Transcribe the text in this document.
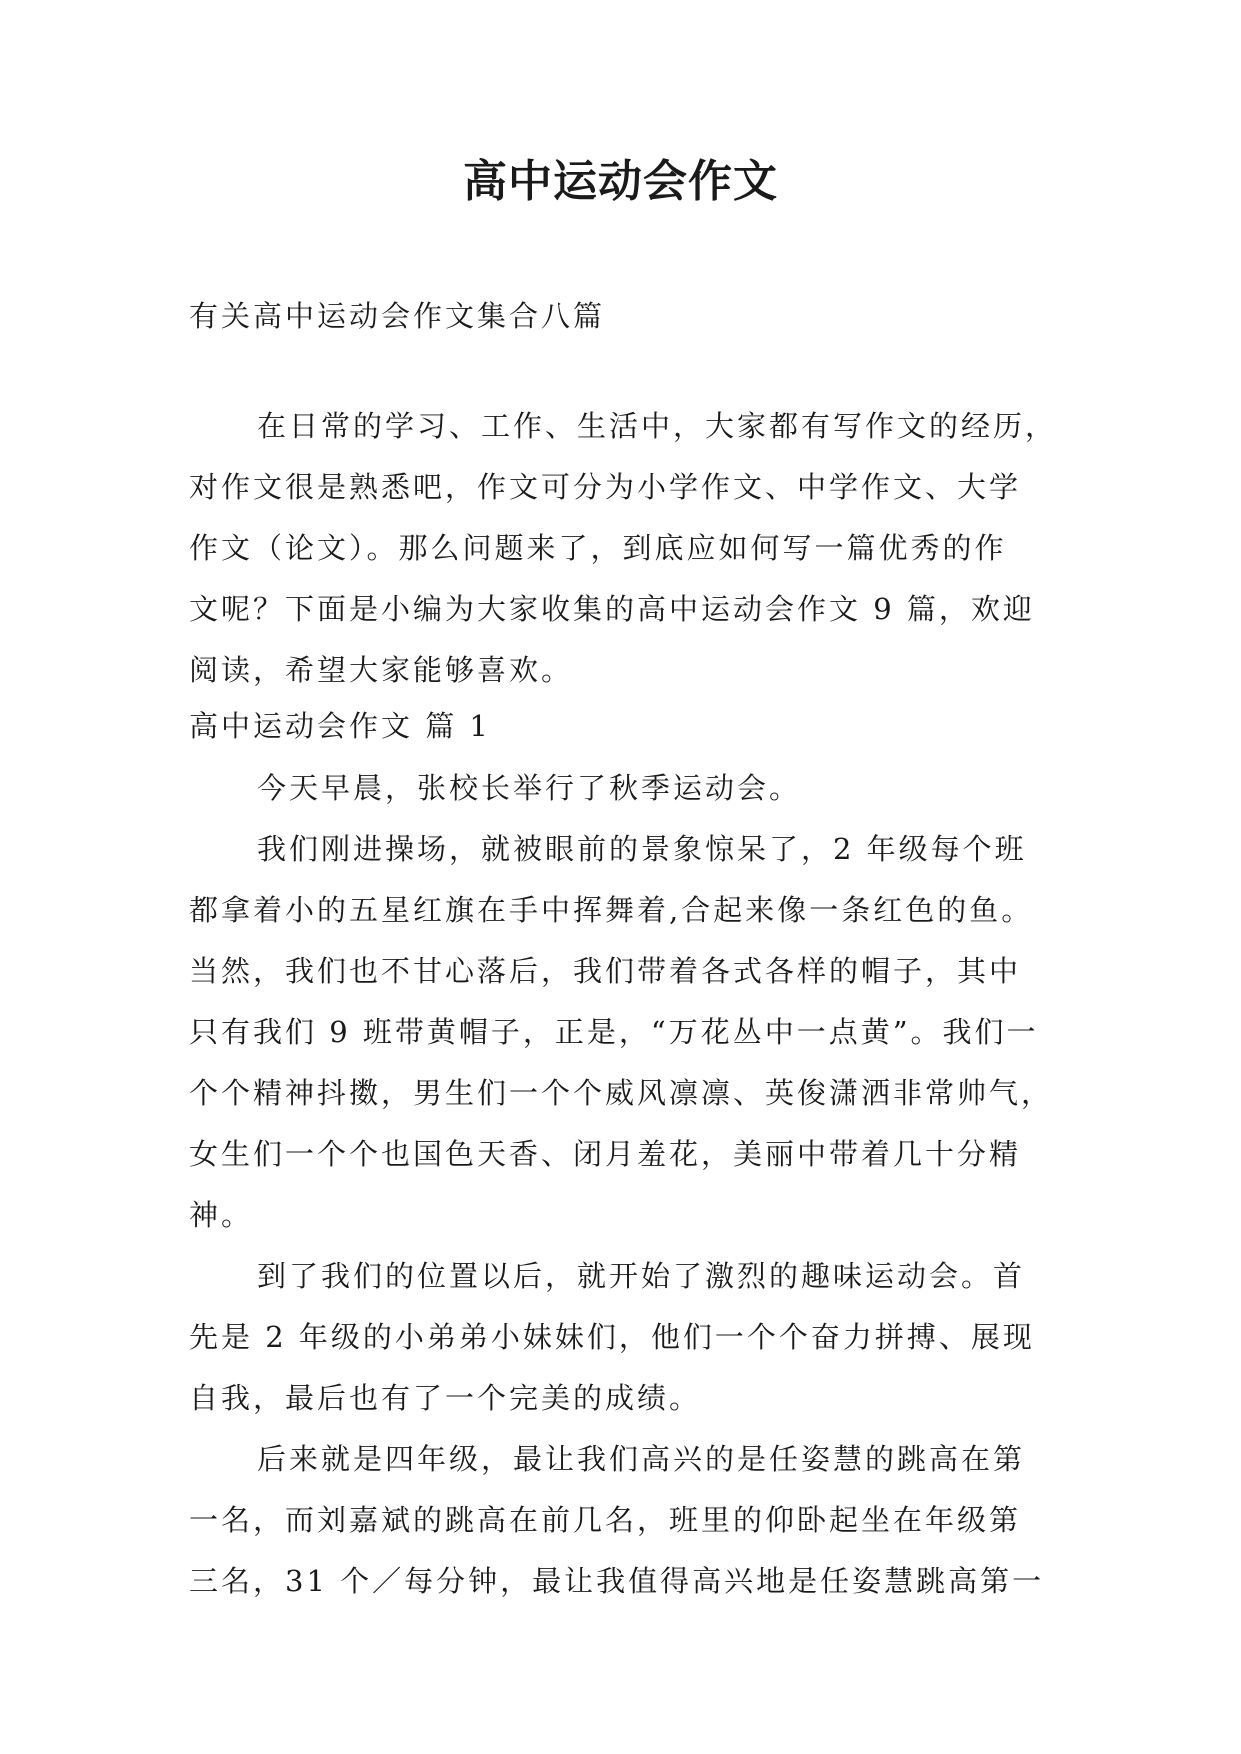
高中运动会作文
有关高中运动会作文集合八篇
在日常的学习、工作、生活中，大家都有写作文的经历，
对作文很是熟悉吧，作文可分为小学作文、中学作文、大学
作文（论文）。那么问题来了，到底应如何写一篇优秀的作
文呢？下面是小编为大家收集的高中运动会作文 9 篇，欢迎
阅读，希望大家能够喜欢。
高中运动会作文 篇 1
今天早晨，张校长举行了秋季运动会。
我们刚进操场，就被眼前的景象惊呆了，2 年级每个班
都拿着小的五星红旗在手中挥舞着,合起来像一条红色的鱼。
当然，我们也不甘心落后，我们带着各式各样的帽子，其中
只有我们 9 班带黄帽子，正是，“万花丛中一点黄”。我们一
个个精神抖擞，男生们一个个威风凛凛、英俊潇洒非常帅气，
女生们一个个也国色天香、闭月羞花，美丽中带着几十分精
神。
到了我们的位置以后，就开始了激烈的趣味运动会。首
先是 2 年级的小弟弟小妹妹们，他们一个个奋力拼搏、展现
自我，最后也有了一个完美的成绩。
后来就是四年级，最让我们高兴的是任姿慧的跳高在第
一名，而刘嘉斌的跳高在前几名，班里的仰卧起坐在年级第
三名，31 个／每分钟，最让我值得高兴地是任姿慧跳高第一
